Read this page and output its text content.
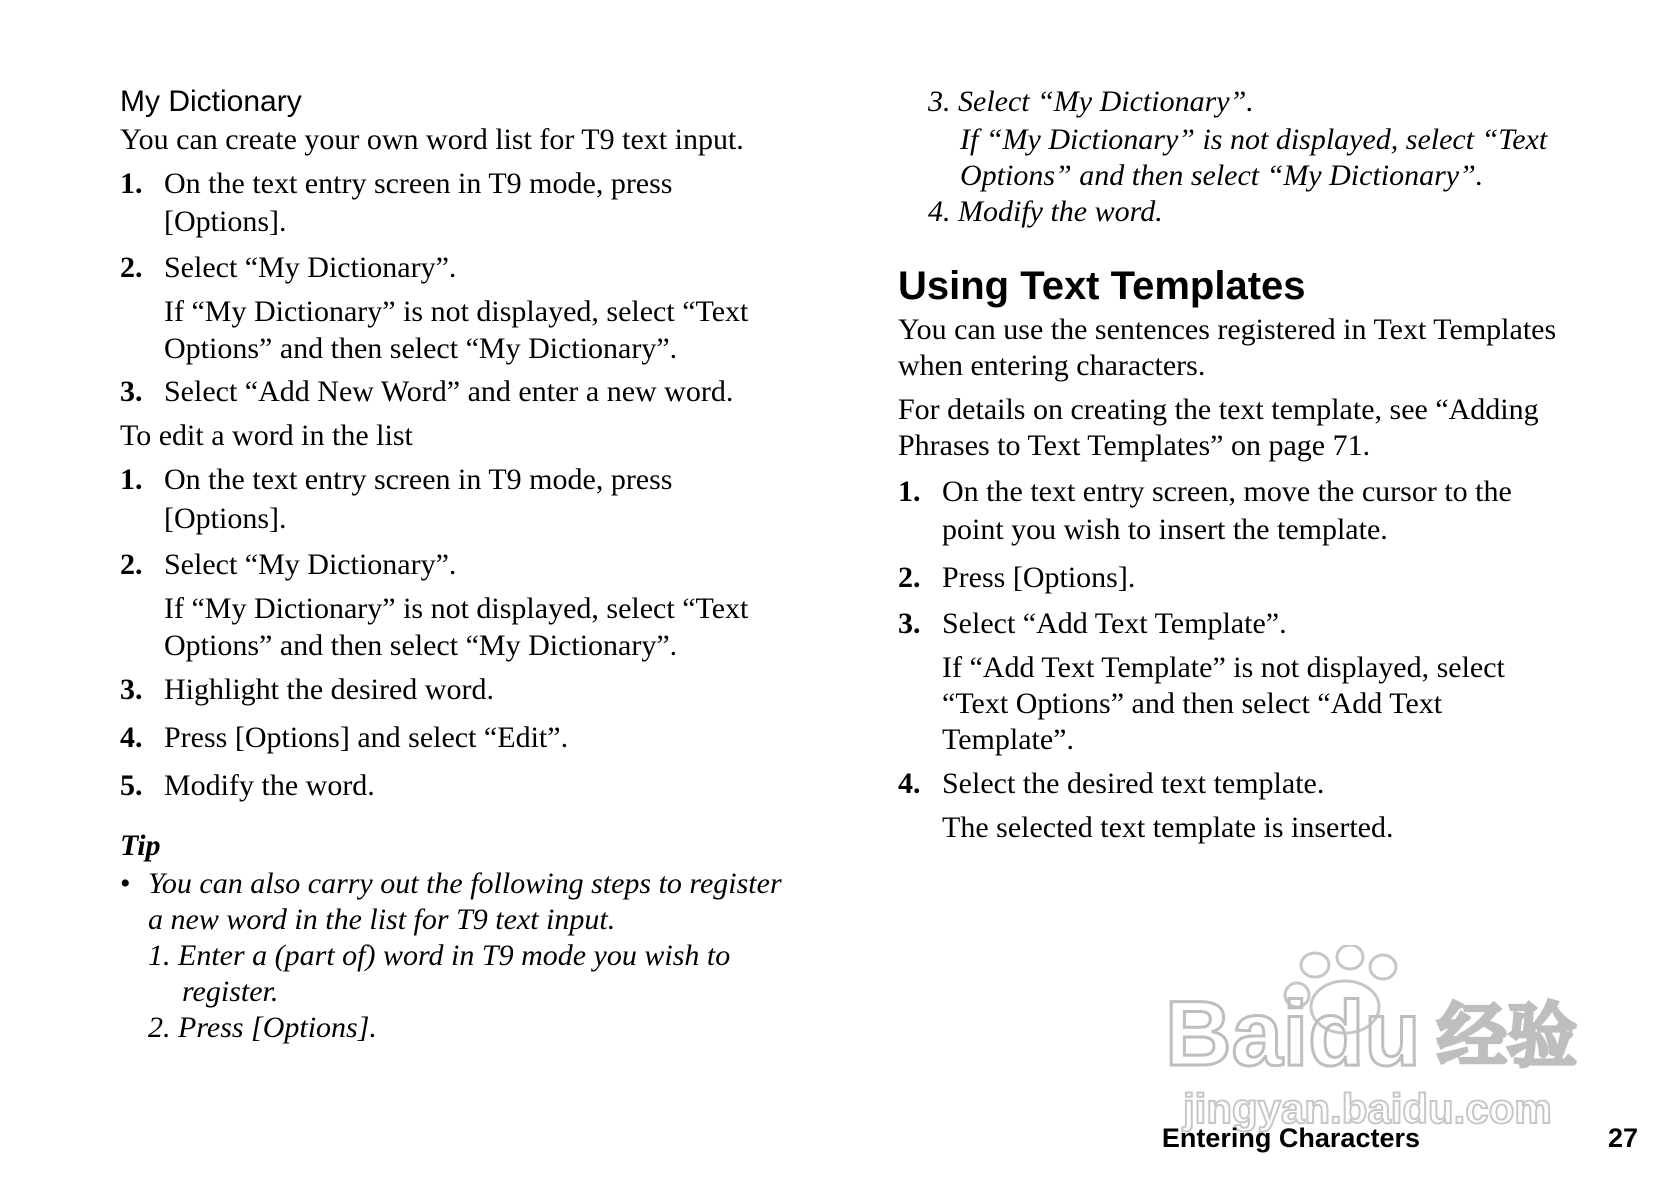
My Dictionary
You can create your own word list for T9 text input.
1. On the text entry screen in T9 mode, press
[Options].
2. Select “My Dictionary”.
If “My Dictionary” is not displayed, select “Text
Options” and then select “My Dictionary”.
3. Select “Add New Word” and enter a new word.
To edit a word in the list
1. On the text entry screen in T9 mode, press
[Options].
2. Select “My Dictionary”.
If “My Dictionary” is not displayed, select “Text
Options” and then select “My Dictionary”.
3. Highlight the desired word.
4. Press [Options] and select “Edit”.
5. Modify the word.
Tip
• You can also carry out the following steps to register
a new word in the list for T9 text input.
1. Enter a (part of) word in T9 mode you wish to
register.
2. Press [Options].
3. Select “My Dictionary”.
If “My Dictionary” is not displayed, select “Text
Options” and then select “My Dictionary”.
4. Modify the word.
Using Text Templates
You can use the sentences registered in Text Templates
when entering characters.
For details on creating the text template, see “Adding
Phrases to Text Templates” on page 71.
1. On the text entry screen, move the cursor to the
point you wish to insert the template.
2. Press [Options].
3. Select “Add Text Template”.
If “Add Text Template” is not displayed, select
“Text Options” and then select “Add Text
Template”.
4. Select the desired text template.
The selected text template is inserted.
Baidu 经验
jingyan.baidu.com
Entering Characters	27
